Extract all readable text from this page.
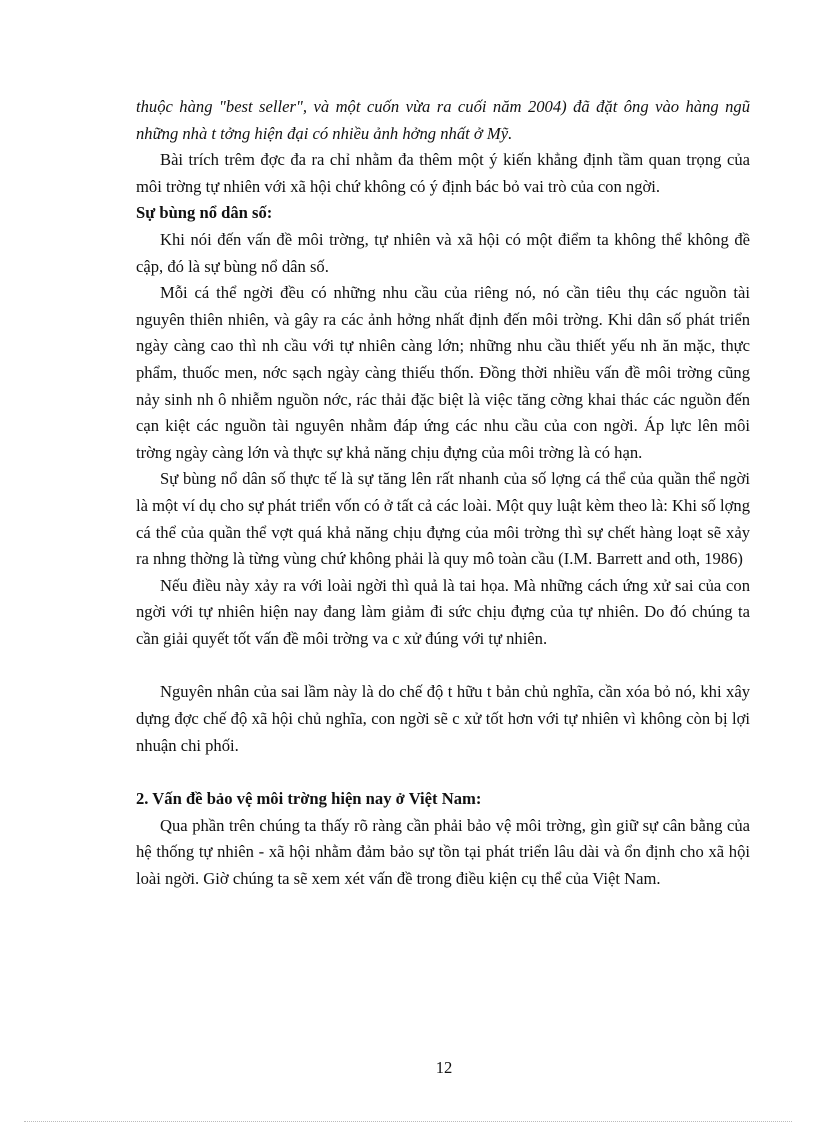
thuộc hàng "best seller", và một cuốn vừa ra cuối năm 2004) đã đặt ông vào hàng ngũ những nhà t tởng hiện đại có nhiều ảnh hởng nhất ở Mỹ.

Bài trích trêm đợc đa ra chỉ nhằm đa thêm một ý kiến khẳng định tầm quan trọng của môi trờng tự nhiên với xã hội chứ không có ý định bác bỏ vai trò của con ngời.

Sự bùng nổ dân số:

Khi nói đến vấn đề môi trờng, tự nhiên và xã hội có một điểm ta không thể không đề cập, đó là sự bùng nổ dân số.

Mỗi cá thể ngời đều có những nhu cầu của riêng nó, nó cần tiêu thụ các nguồn tài nguyên thiên nhiên, và gây ra các ảnh hởng nhất định đến môi trờng. Khi dân số phát triển ngày càng cao thì nh cầu với tự nhiên càng lớn; những nhu cầu thiết yếu nh ăn mặc, thực phẩm, thuốc men, nớc sạch ngày càng thiếu thốn. Đồng thời nhiều vấn đề môi trờng cũng nảy sinh nh ô nhiễm nguồn nớc, rác thải đặc biệt là việc tăng cờng khai thác các nguồn đến cạn kiệt các nguồn tài nguyên nhằm đáp ứng các nhu cầu của con ngời. Áp lực lên môi trờng ngày càng lớn và thực sự khả năng chịu đựng của môi trờng là có hạn.

Sự bùng nổ dân số thực tế là sự tăng lên rất nhanh của số lợng cá thể của quần thể ngời là một ví dụ cho sự phát triển vốn có ở tất cả các loài. Một quy luật kèm theo là: Khi số lợng cá thể của quần thể vợt quá khả năng chịu đựng của môi trờng thì sự chết hàng loạt sẽ xảy ra nhng thờng là từng vùng chứ không phải là quy mô toàn cầu (I.M. Barrett and oth, 1986)

Nếu điều này xảy ra với loài ngời thì quả là tai họa. Mà những cách ứng xử sai của con ngời với tự nhiên hiện nay đang làm giảm đi sức chịu đựng của tự nhiên. Do đó chúng ta cần giải quyết tốt vấn đề môi trờng va c xử đúng với tự nhiên.

Nguyên nhân của sai lầm này là do chế độ t hữu t bản chủ nghĩa, cần xóa bỏ nó, khi xây dựng đợc chế độ xã hội chủ nghĩa, con ngời sẽ c xử tốt hơn với tự nhiên vì không còn bị lợi nhuận chi phối.

2. Vấn đề bảo vệ môi trờng hiện nay ở Việt Nam:

Qua phần trên chúng ta thấy rõ ràng cần phải bảo vệ môi trờng, gìn giữ sự cân bằng của hệ thống tự nhiên - xã hội nhằm đảm bảo sự tồn tại phát triển lâu dài và ổn định cho xã hội loài ngời. Giờ chúng ta sẽ xem xét vấn đề trong điều kiện cụ thể của Việt Nam.

12
